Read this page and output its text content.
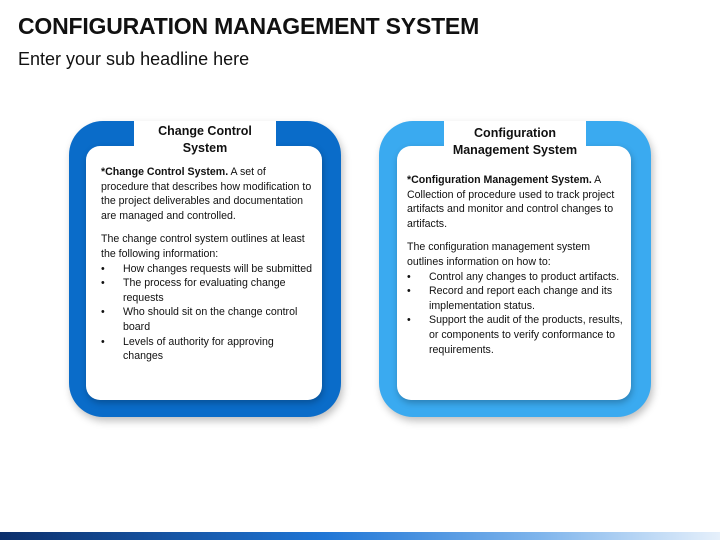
CONFIGURATION MANAGEMENT SYSTEM
Enter your sub headline here
Change Control
System

*Change Control System. A set of procedure that describes how modification to the project deliverables and documentation are managed and controlled.

The change control system outlines at least the following information:

• How changes requests will be submitted
• The process for evaluating change requests
• Who should sit on the change control board
• Levels of authority for approving changes
Configuration
Management System

*Configuration Management System. A Collection of procedure used to track project artifacts and monitor and control changes to artifacts.

The configuration management system outlines information on how to:

• Control any changes to product artifacts.
• Record and report each change and its implementation status.
• Support the audit of the products, results, or components to verify conformance to requirements.
